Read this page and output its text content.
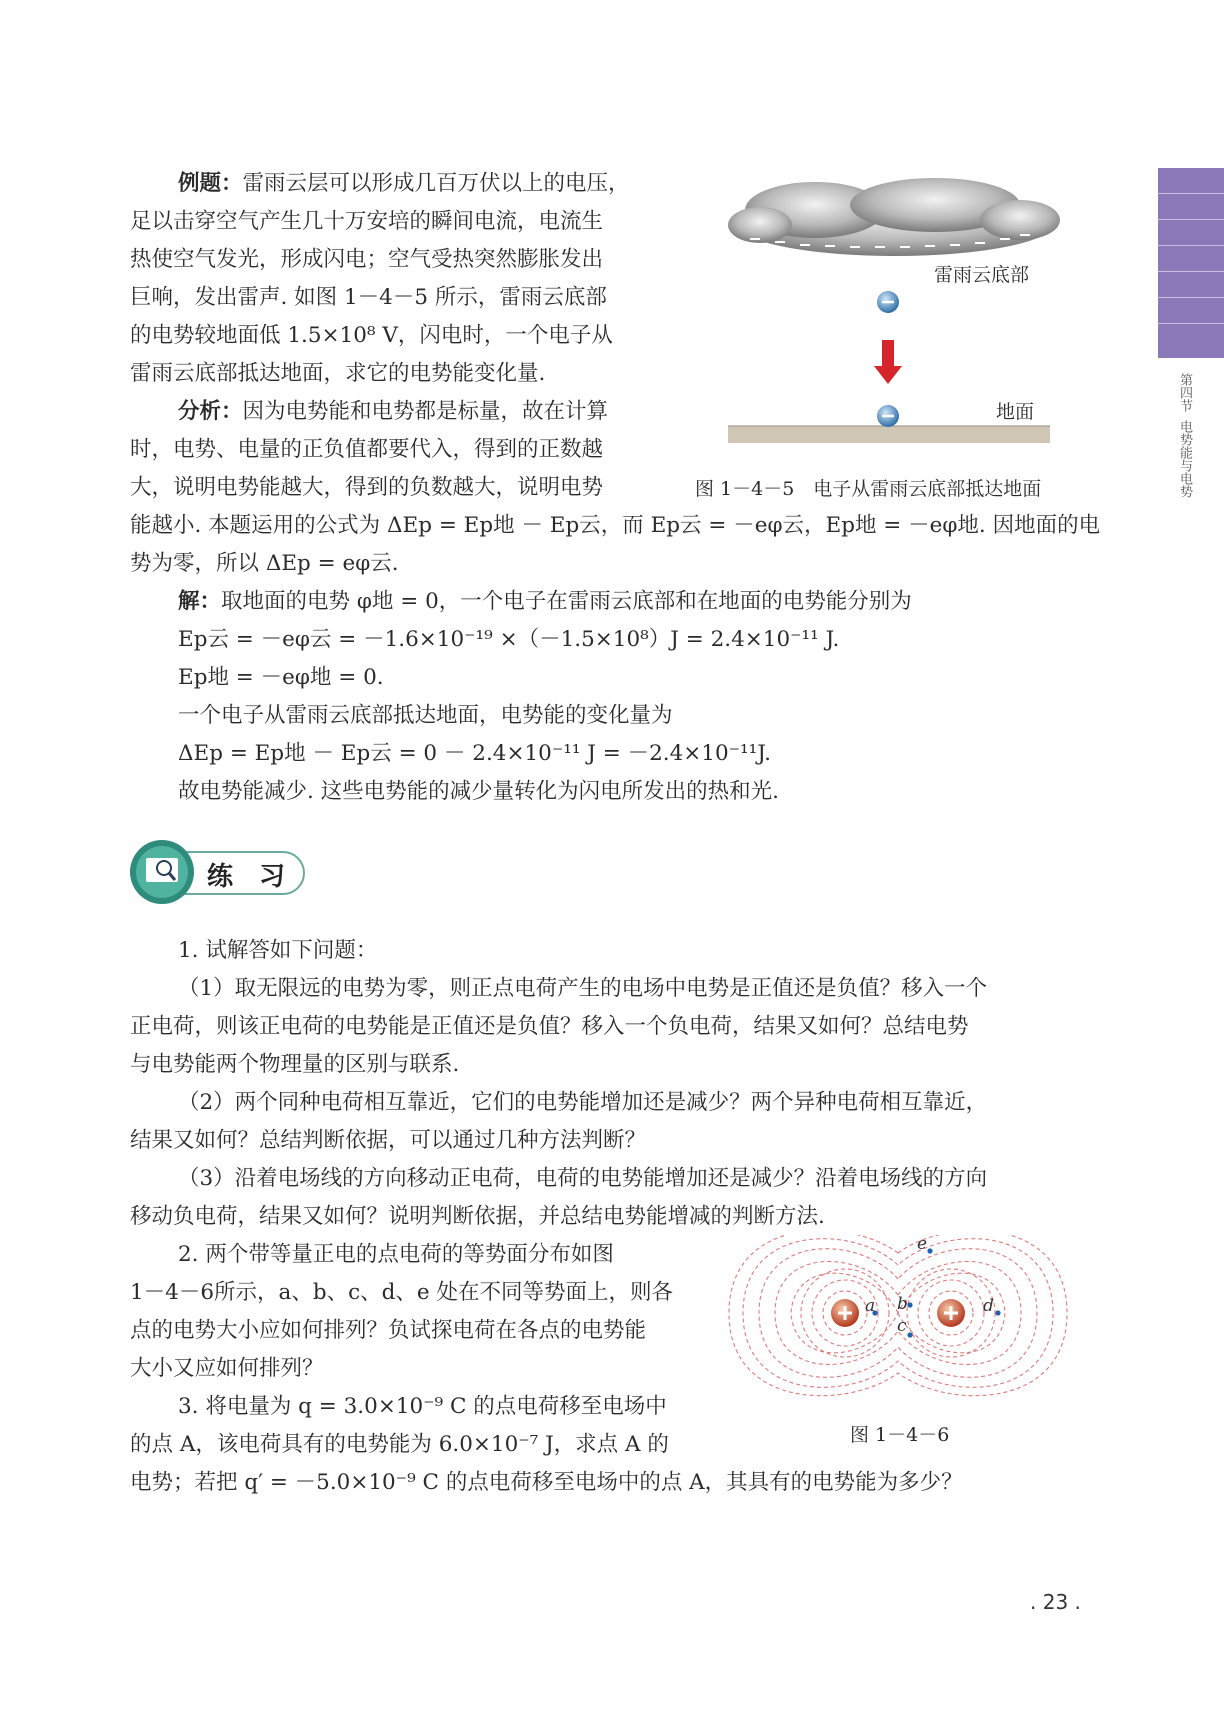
第四节  电势能与电势
例题：雷雨云层可以形成几百万伏以上的电压，
足以击穿空气产生几十万安培的瞬间电流，电流生
热使空气发光，形成闪电；空气受热突然膨胀发出
巨响，发出雷声. 如图 1－4－5 所示，雷雨云底部
的电势较地面低 1.5×10⁸ V，闪电时，一个电子从
雷雨云底部抵达地面，求它的电势能变化量.
分析：因为电势能和电势都是标量，故在计算
时，电势、电量的正负值都要代入，得到的正数越
大，说明电势能越大，得到的负数越大，说明电势
能越小. 本题运用的公式为 ΔEp = Ep地 － Ep云，而 Ep云 = －eφ云，Ep地 = －eφ地. 因地面的电
势为零，所以 ΔEp = eφ云.
解：取地面的电势 φ地 = 0，一个电子在雷雨云底部和在地面的电势能分别为
Ep云 = －eφ云 = －1.6×10⁻¹⁹ ×（－1.5×10⁸）J = 2.4×10⁻¹¹ J.
Ep地 = －eφ地 = 0.
一个电子从雷雨云底部抵达地面，电势能的变化量为
ΔEp = Ep地 － Ep云 = 0 － 2.4×10⁻¹¹ J = －2.4×10⁻¹¹J.
故电势能减少. 这些电势能的减少量转化为闪电所发出的热和光.
雷雨云底部
地面
图 1－4－5　电子从雷雨云底部抵达地面
练　习
1. 试解答如下问题：
（1）取无限远的电势为零，则正点电荷产生的电场中电势是正值还是负值？移入一个
正电荷，则该正电荷的电势能是正值还是负值？移入一个负电荷，结果又如何？总结电势
与电势能两个物理量的区别与联系.
（2）两个同种电荷相互靠近，它们的电势能增加还是减少？两个异种电荷相互靠近，
结果又如何？总结判断依据，可以通过几种方法判断？
（3）沿着电场线的方向移动正电荷，电荷的电势能增加还是减少？沿着电场线的方向
移动负电荷，结果又如何？说明判断依据，并总结电势能增减的判断方法.
2. 两个带等量正电的点电荷的等势面分布如图
1－4－6所示，a、b、c、d、e 处在不同等势面上，则各
点的电势大小应如何排列？负试探电荷在各点的电势能
大小又应如何排列？
3. 将电量为 q = 3.0×10⁻⁹ C 的点电荷移至电场中
的点 A，该电荷具有的电势能为 6.0×10⁻⁷ J，求点 A 的
电势；若把 q′ = －5.0×10⁻⁹ C 的点电荷移至电场中的点 A，其具有的电势能为多少？
a b
c
d
e
图 1－4－6
. 23 .
